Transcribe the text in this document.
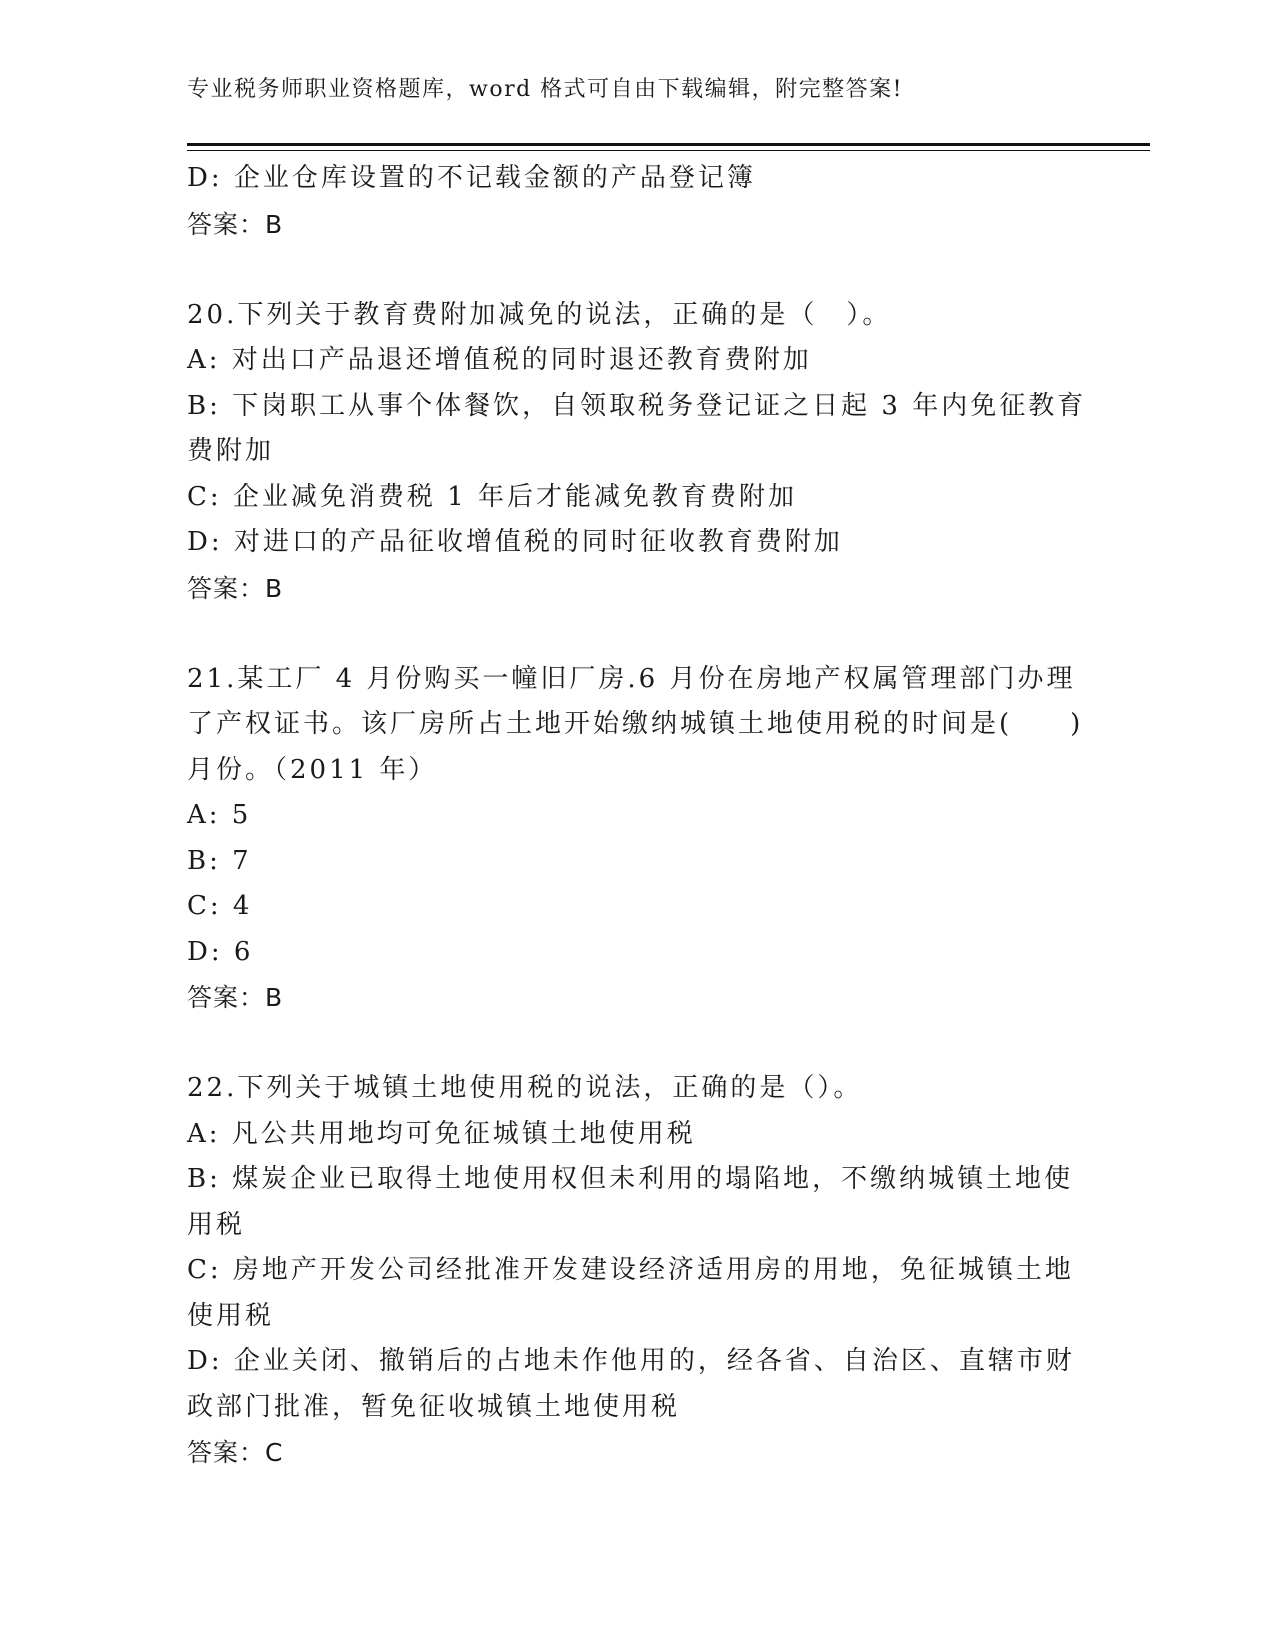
专业税务师职业资格题库，word 格式可自由下载编辑，附完整答案!

D: 企业仓库设置的不记载金额的产品登记簿

答案：B

20.下列关于教育费附加减免的说法，正确的是（　）。

A: 对出口产品退还增值税的同时退还教育费附加

B: 下岗职工从事个体餐饮，自领取税务登记证之日起 3 年内免征教育费附加

C: 企业减免消费税 1 年后才能减免教育费附加

D: 对进口的产品征收增值税的同时征收教育费附加

答案：B

21.某工厂 4 月份购买一幢旧厂房.6 月份在房地产权属管理部门办理了产权证书。该厂房所占土地开始缴纳城镇土地使用税的时间是(　　)月份。（2011 年）

A: 5

B: 7

C: 4

D: 6

答案：B

22.下列关于城镇土地使用税的说法，正确的是（）。

A: 凡公共用地均可免征城镇土地使用税

B: 煤炭企业已取得土地使用权但未利用的塌陷地，不缴纳城镇土地使用税

C: 房地产开发公司经批准开发建设经济适用房的用地，免征城镇土地使用税

D: 企业关闭、撤销后的占地未作他用的，经各省、自治区、直辖市财政部门批准，暂免征收城镇土地使用税

答案：C
